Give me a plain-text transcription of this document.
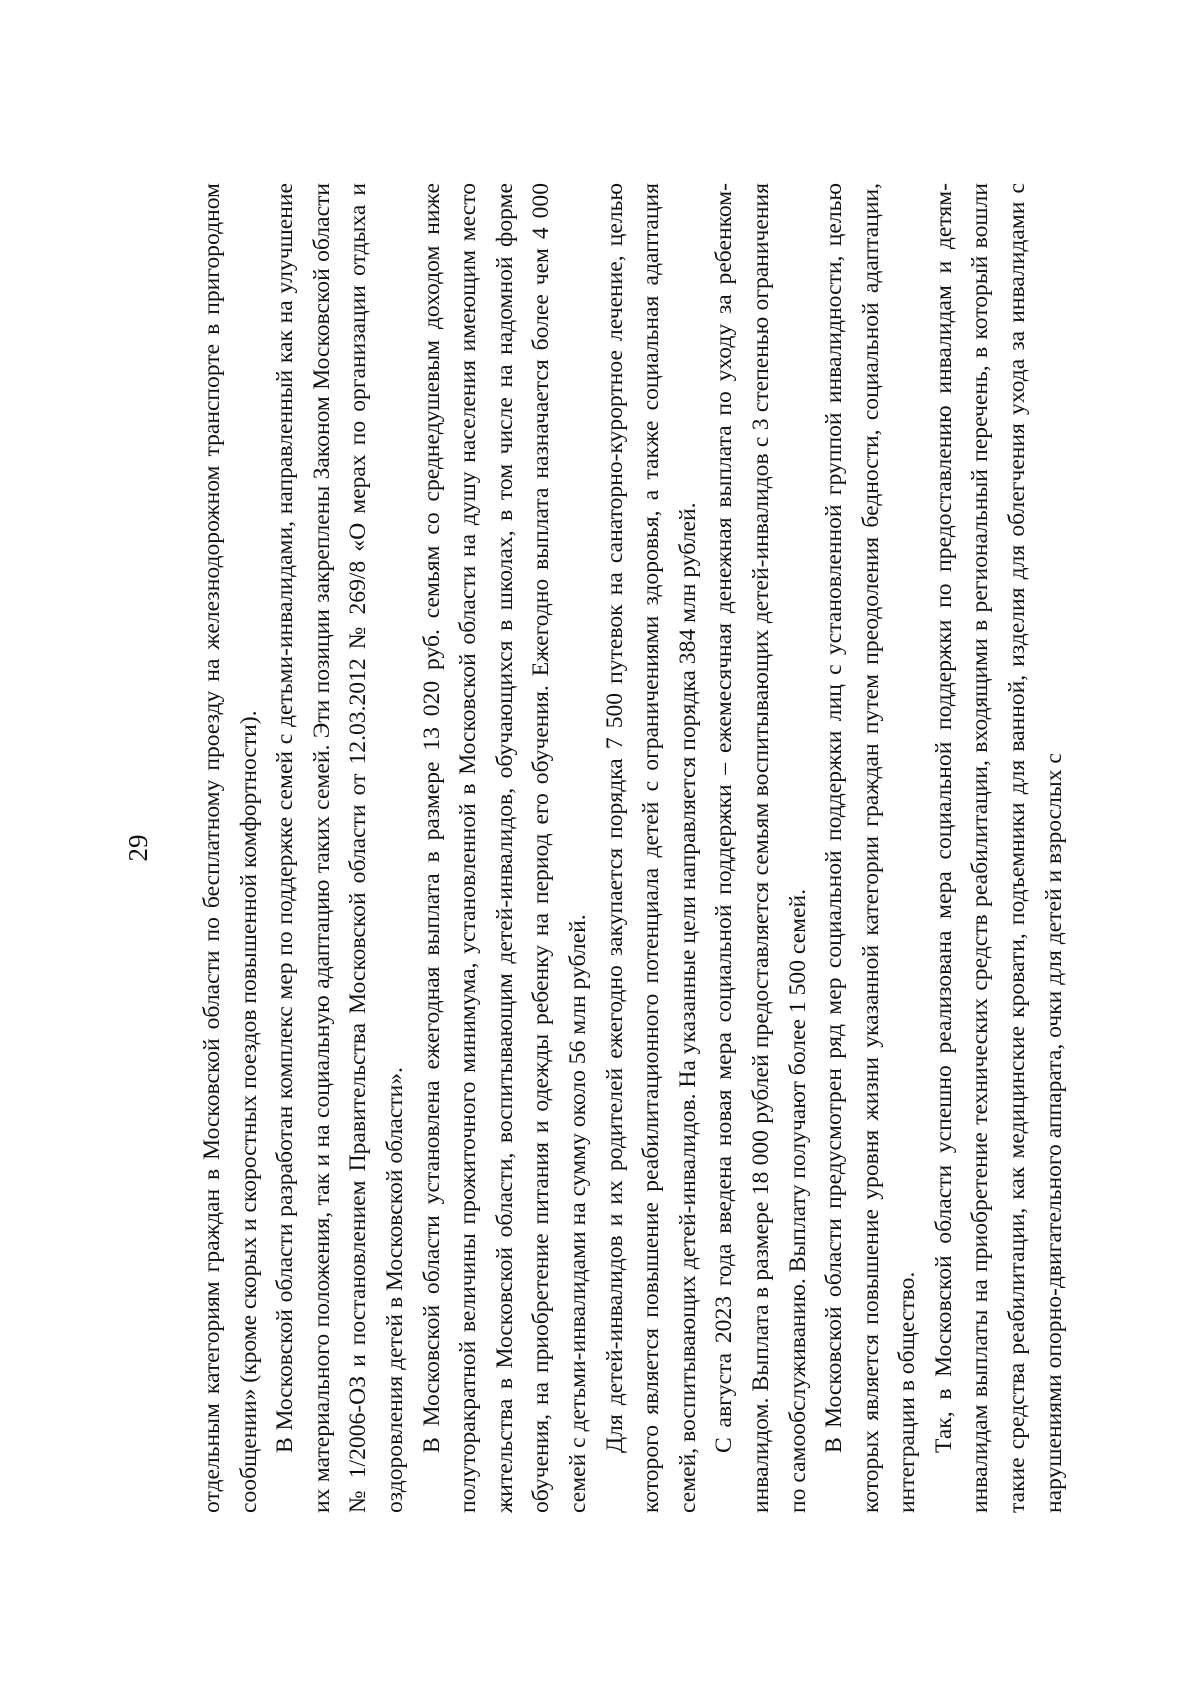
29 отдельным категориям граждан в Московской области по бесплатному проезду на железнодорожном транспорте в пригородном сообщении» (кроме скорых и скоростных поездов повышенной комфортности). В Московской области разработан комплекс мер по поддержке семей с детьми-инвалидами, направленный как на улучшение их материального положения, так и на социальную адаптацию таких семей. Эти позиции закреплены Законом Московской области № 1/2006-ОЗ и постановлением Правительства Московской области от 12.03.2012 № 269/8 «О мерах по организации отдыха и оздоровления детей в Московской области». В Московской области установлена ежегодная выплата в размере 13 020 руб. семьям со среднедушевым доходом ниже полуторакратной величины прожиточного минимума, установленной в Московской области на душу населения имеющим место жительства в Московской области, воспитывающим детей-инвалидов, обучающихся в школах, в том числе на надомной форме обучения, на приобретение питания и одежды ребенку на период его обучения. Ежегодно выплата назначается более чем 4 000 семей с детьми-инвалидами на сумму около 56 млн рублей. Для детей-инвалидов и их родителей ежегодно закупается порядка 7 500 путевок на санаторно-курортное лечение, целью которого является повышение реабилитационного потенциала детей с ограничениями здоровья, а также социальная адаптация семей, воспитывающих детей-инвалидов. На указанные цели направляется порядка 384 млн рублей. С августа 2023 года введена новая мера социальной поддержки – ежемесячная денежная выплата по уходу за ребенком-инвалидом. Выплата в размере 18 000 рублей предоставляется семьям воспитывающих детей-инвалидов с 3 степенью ограничения по самообслуживанию. Выплату получают более 1 500 семей. В Московской области предусмотрен ряд мер социальной поддержки лиц с установленной группой инвалидности, целью которых является повышение уровня жизни указанной категории граждан путем преодоления бедности, социальной адаптации, интеграции в общество. Так, в Московской области успешно реализована мера социальной поддержки по предоставлению инвалидам и детям-инвалидам выплаты на приобретение технических средств реабилитации, входящими в региональный перечень, в который вошли такие средства реабилитации, как медицинские кровати, подъемники для ванной, изделия для облегчения ухода за инвалидами с нарушениями опорно-двигательного аппарата, очки для детей и взрослых с
